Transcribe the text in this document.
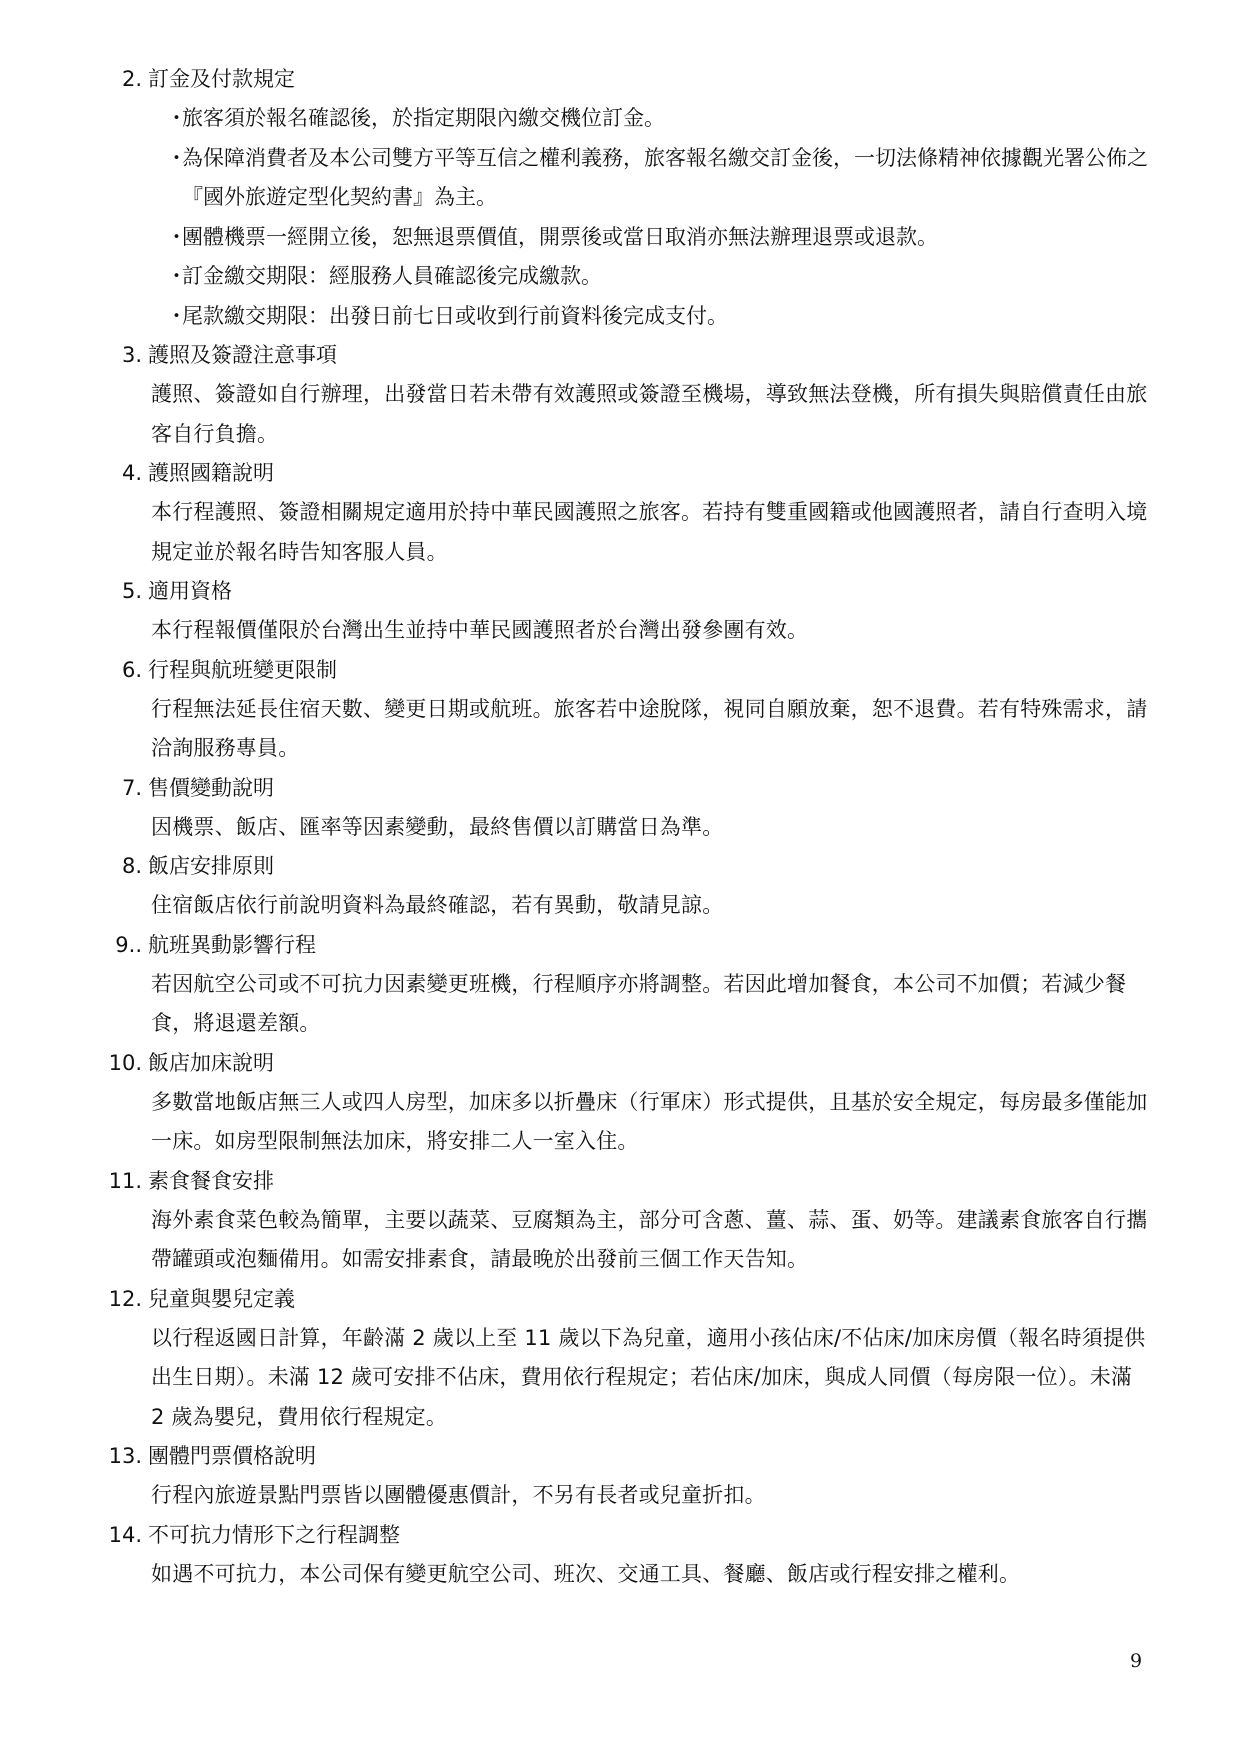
2. 訂金及付款規定
・
旅客須於報名確認後，於指定期限內繳交機位訂金。
・
為保障消費者及本公司雙方平等互信之權利義務，旅客報名繳交訂金後，一切法條精神依據觀光署公佈之『國外旅遊定型化契約書』為主。
・
團體機票一經開立後，恕無退票價值，開票後或當日取消亦無法辦理退票或退款。
・
訂金繳交期限：經服務人員確認後完成繳款。
・
尾款繳交期限：出發日前七日或收到行前資料後完成支付。
3. 護照及簽證注意事項
護照、簽證如自行辦理，出發當日若未帶有效護照或簽證至機場，導致無法登機，所有損失與賠償責任由旅客自行負擔。
4. 護照國籍說明
本行程護照、簽證相關規定適用於持中華民國護照之旅客。若持有雙重國籍或他國護照者，請自行查明入境規定並於報名時告知客服人員。
5. 適用資格
本行程報價僅限於台灣出生並持中華民國護照者於台灣出發參團有效。
6. 行程與航班變更限制
行程無法延長住宿天數、變更日期或航班。旅客若中途脫隊，視同自願放棄，恕不退費。若有特殊需求，請洽詢服務專員。
7. 售價變動說明
因機票、飯店、匯率等因素變動，最終售價以訂購當日為準。
8. 飯店安排原則
住宿飯店依行前說明資料為最終確認，若有異動，敬請見諒。
9.. 航班異動影響行程
若因航空公司或不可抗力因素變更班機，行程順序亦將調整。若因此增加餐食，本公司不加價；若減少餐食，將退還差額。
10. 飯店加床說明
多數當地飯店無三人或四人房型，加床多以折疊床（行軍床）形式提供，且基於安全規定，每房最多僅能加一床。如房型限制無法加床，將安排二人一室入住。
11. 素食餐食安排
海外素食菜色較為簡單，主要以蔬菜、豆腐類為主，部分可含蔥、薑、蒜、蛋、奶等。建議素食旅客自行攜帶罐頭或泡麵備用。如需安排素食，請最晚於出發前三個工作天告知。
12. 兒童與嬰兒定義
以行程返國日計算，年齡滿 2 歲以上至 11 歲以下為兒童，適用小孩佔床/不佔床/加床房價（報名時須提供出生日期）。未滿 12 歲可安排不佔床，費用依行程規定；若佔床/加床，與成人同價（每房限一位）。未滿 2 歲為嬰兒，費用依行程規定。
13. 團體門票價格說明
行程內旅遊景點門票皆以團體優惠價計，不另有長者或兒童折扣。
14. 不可抗力情形下之行程調整
如遇不可抗力，本公司保有變更航空公司、班次、交通工具、餐廳、飯店或行程安排之權利。
9
